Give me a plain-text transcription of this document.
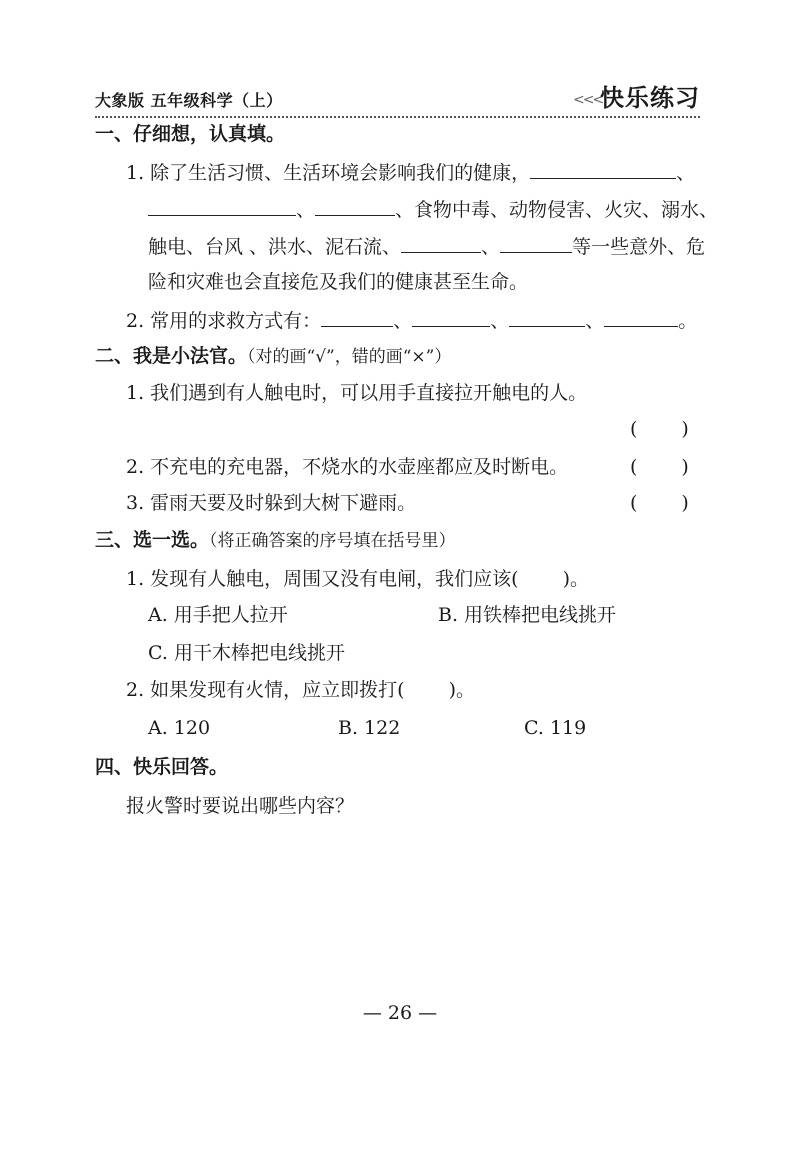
大象版 五年级科学（上）	<<<
快乐练习
一、仔细想，认真填。
1. 除了生活习惯、生活环境会影响我们的健康，	、
、	、食物中毒、动物侵害、火灾、溺水、
触电、台风 、洪水、泥石流、	、	等一些意外、危
险和灾难也会直接危及我们的健康甚至生命。
2. 常用的求救方式有：	、	、	、	。
二、我是小法官。（对的画“√”，错的画“×”）
1. 我们遇到有人触电时，可以用手直接拉开触电的人。
( )
2. 不充电的充电器，不烧水的水壶座都应及时断电。	( )
3. 雷雨天要及时躲到大树下避雨。	( )
三、选一选。（将正确答案的序号填在括号里）
1. 发现有人触电，周围又没有电闸，我们应该( )。
A. 用手把人拉开	B. 用铁棒把电线挑开
C. 用干木棒把电线挑开
2. 如果发现有火情，应立即拨打( )。
A. 120	B. 122	C. 119
四、快乐回答。
报火警时要说出哪些内容？
— 26 —
